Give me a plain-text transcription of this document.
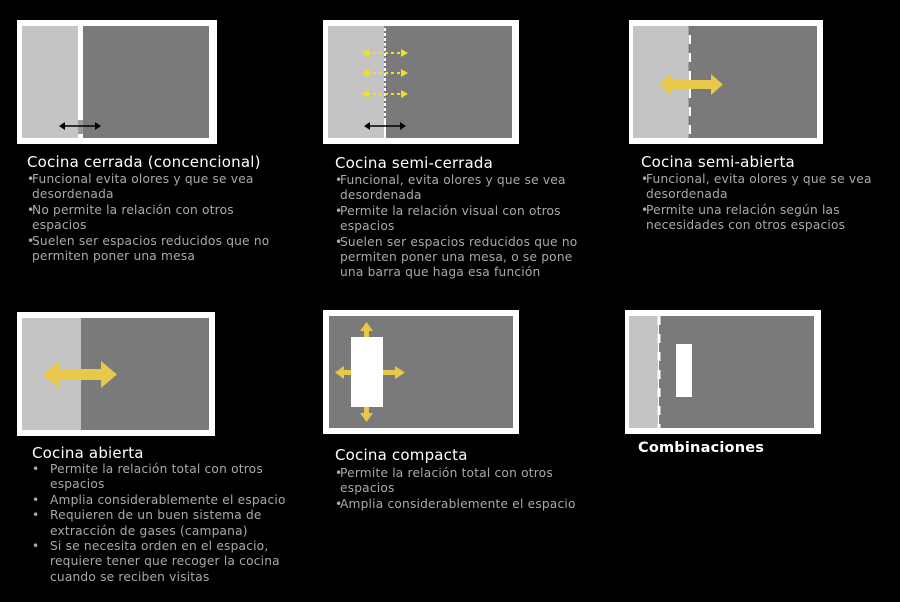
Cocina cerrada (concencional)
• Funcional evita olores y que se vea desordenada
• No permite la relación con otros espacios
• Suelen ser espacios reducidos que no permiten poner una mesa
Cocina semi-cerrada
• Funcional, evita olores y que se vea desordenada
• Permite la relación visual con otros espacios
• Suelen ser espacios reducidos que no permiten poner una mesa, o se pone una barra que haga esa función
Cocina semi-abierta
• Funcional, evita olores y que se vea desordenada
• Permite una relación según las necesidades con otros espacios
Cocina abierta
• Permite la relación total con otros espacios
• Amplia considerablemente el espacio
• Requieren de un buen sistema de extracción de gases (campana)
• Si se necesita orden en el espacio, requiere tener que recoger la cocina cuando se reciben visitas
Cocina compacta
• Permite la relación total con otros espacios
• Amplia considerablemente el espacio
Combinaciones
